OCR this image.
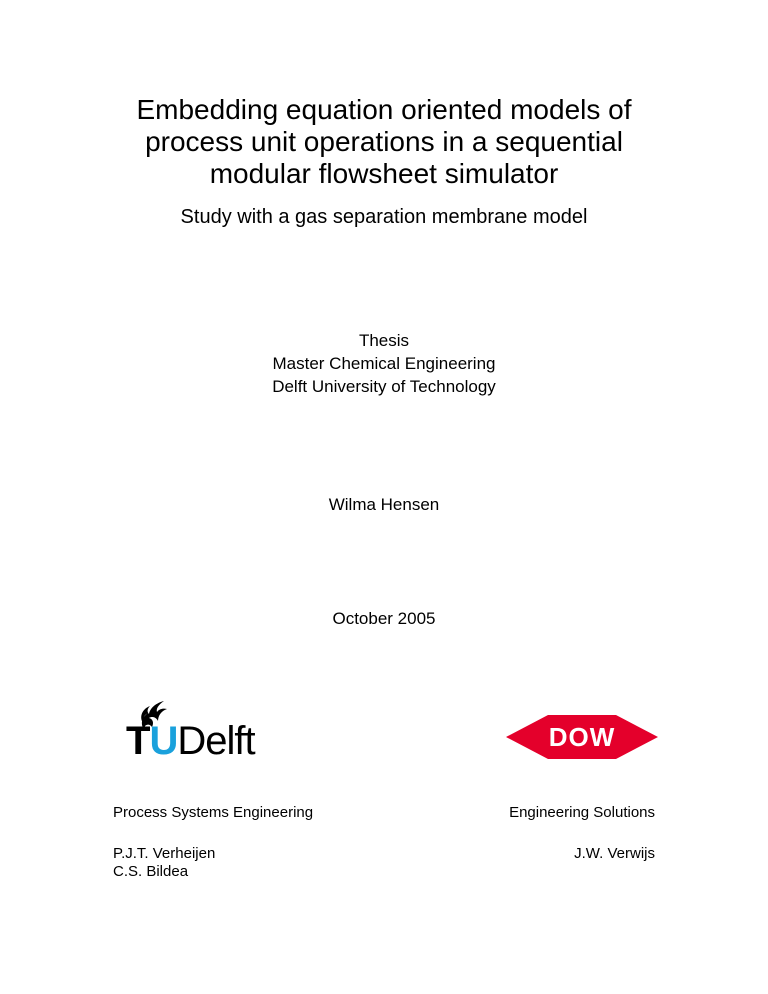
Embedding equation oriented models of
process unit operations in a sequential
modular flowsheet simulator
Study with a gas separation membrane model
Thesis
Master Chemical Engineering
Delft University of Technology
Wilma Hensen
October 2005
TUDelft	DOW
Process Systems Engineering	Engineering Solutions
P.J.T. Verheijen
C.S. Bildea
J.W. Verwijs
